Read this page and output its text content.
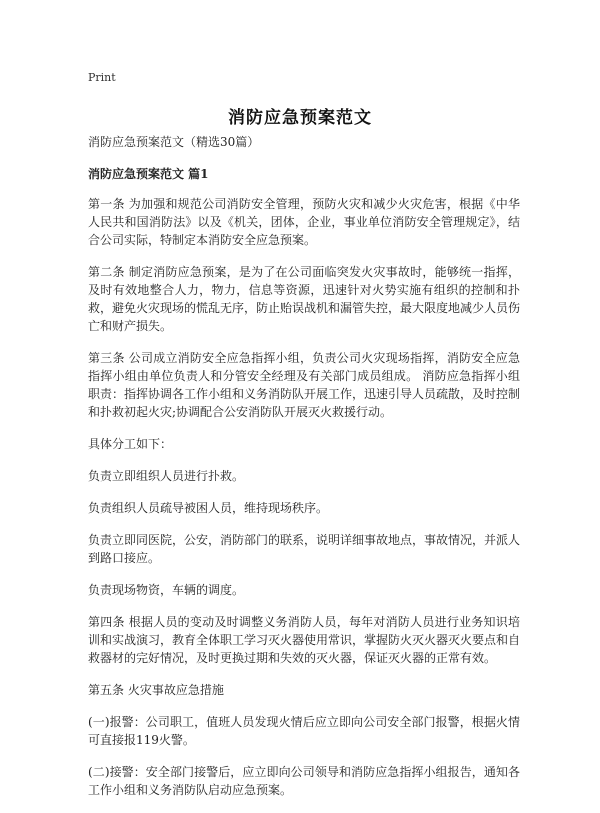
Print
消防应急预案范文

消防应急预案范文（精选30篇）

消防应急预案范文 篇1

第一条 为加强和规范公司消防安全管理，预防火灾和减少火灾危害，根据《中华人民共和国消防法》以及《机关，团体，企业，事业单位消防安全管理规定》，结合公司实际，特制定本消防安全应急预案。

第二条 制定消防应急预案，是为了在公司面临突发火灾事故时，能够统一指挥，及时有效地整合人力，物力，信息等资源，迅速针对火势实施有组织的控制和扑救，避免火灾现场的慌乱无序，防止贻误战机和漏管失控，最大限度地减少人员伤亡和财产损失。

第三条 公司成立消防安全应急指挥小组，负责公司火灾现场指挥，消防安全应急指挥小组由单位负责人和分管安全经理及有关部门成员组成。 消防应急指挥小组职责：指挥协调各工作小组和义务消防队开展工作，迅速引导人员疏散，及时控制和扑救初起火灾;协调配合公安消防队开展灭火救援行动。

具体分工如下：

负责立即组织人员进行扑救。

负责组织人员疏导被困人员，维持现场秩序。

负责立即同医院，公安，消防部门的联系，说明详细事故地点，事故情况，并派人到路口接应。

负责现场物资，车辆的调度。

第四条 根据人员的变动及时调整义务消防人员，每年对消防人员进行业务知识培训和实战演习，教育全体职工学习灭火器使用常识，掌握防火灭火器灭火要点和自救器材的完好情况，及时更换过期和失效的灭火器，保证灭火器的正常有效。

第五条 火灾事故应急措施

(一)报警：公司职工，值班人员发现火情后应立即向公司安全部门报警，根据火情可直接报119火警。

(二)接警：安全部门接警后，应立即向公司领导和消防应急指挥小组报告，通知各工作小组和义务消防队启动应急预案。
